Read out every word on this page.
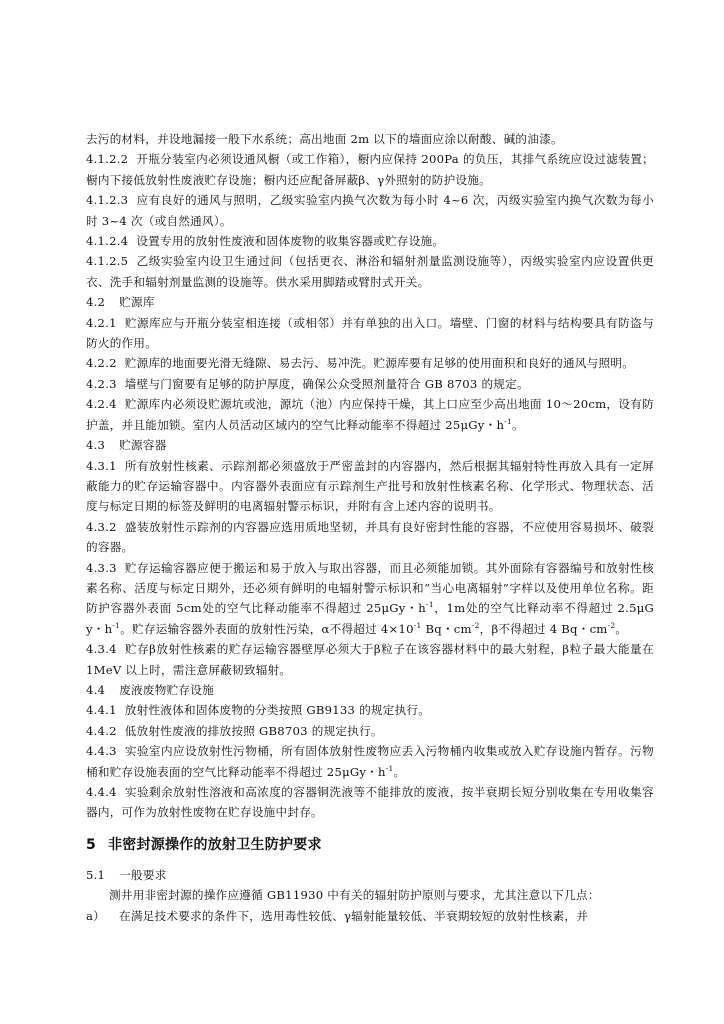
去污的材料，并设地漏接一般下水系统；高出地面 2m 以下的墙面应涂以耐酸、碱的油漆。

4.1.2.2 开瓶分装室内必须设通风橱（或工作箱），橱内应保持 200Pa 的负压，其排气系统应设过滤装置；橱内下接低放射性废液贮存设施；橱内还应配备屏蔽β、γ外照射的防护设施。

4.1.2.3 应有良好的通风与照明，乙级实验室内换气次数为每小时 4~6 次，丙级实验室内换气次数为每小时 3~4 次（或自然通风）。

4.1.2.4 设置专用的放射性废液和固体废物的收集容器或贮存设施。

4.1.2.5 乙级实验室内设卫生通过间（包括更衣、淋浴和辐射剂量监测设施等），丙级实验室内应设置供更衣、洗手和辐射剂量监测的设施等。供水采用脚踏或臂肘式开关。

4.2 贮源库

4.2.1 贮源库应与开瓶分装室相连接（或相邻）并有单独的出入口。墙壁、门窗的材料与结构要具有防盗与防火的作用。

4.2.2 贮源库的地面要光滑无缝隙、易去污、易冲洗。贮源库要有足够的使用面积和良好的通风与照明。

4.2.3 墙壁与门窗要有足够的防护厚度，确保公众受照剂量符合 GB 8703 的规定。

4.2.4 贮源库内必须设贮源坑或池，源坑（池）内应保持干燥，其上口应至少高出地面 10～20cm，设有防护盖，并且能加锁。室内人员活动区域内的空气比释动能率不得超过 25μGy・$h^{-1}$。

4.3 贮源容器

4.3.1 所有放射性核素、示踪剂都必须盛放于严密盖封的内容器内，然后根据其辐射特性再放入具有一定屏蔽能力的贮存运输容器中。内容器外表面应有示踪剂生产批号和放射性核素名称、化学形式、物理状态、活度与标定日期的标签及鲜明的电离辐射警示标识，并附有含上述内容的说明书。

4.3.2 盛装放射性示踪剂的内容器应选用质地坚韧，并具有良好密封性能的容器，不应使用容易损坏、破裂的容器。

4.3.3 贮存运输容器应便于搬运和易于放入与取出容器，而且必须能加锁。其外面除有容器编号和放射性核素名称、活度与标定日期外，还必须有鲜明的电辐射警示标识和“当心电离辐射”字样以及使用单位名称。距防护容器外表面 5cm处的空气比释动能率不得超过 25μGy・$h^{-1}$，1m处的空气比释动率不得超过 2.5μGy・$h^{-1}$。贮存运输容器外表面的放射性污染，α不得超过 $4\times 10^{-1}$ Bq・$cm^{-2}$，β不得超过 4 Bq・$cm^{-2}$。

4.3.4 贮存β放射性核素的贮存运输容器壁厚必须大于β粒子在该容器材料中的最大射程，β粒子最大能量在 1MeV 以上时，需注意屏蔽韧致辐射。

4.4 废液废物贮存设施

4.4.1 放射性液体和固体废物的分类按照 GB9133 的规定执行。

4.4.2 低放射性废液的排放按照 GB8703 的规定执行。

4.4.3 实验室内应设放射性污物桶，所有固体放射性废物应丢入污物桶内收集或放入贮存设施内暂存。污物桶和贮存设施表面的空气比释动能率不得超过 25μGy・$h^{-1}$。

4.4.4 实验剩余放射性溶液和高浓度的容器铜洗液等不能排放的废液，按半衰期长短分别收集在专用收集容器内，可作为放射性废物在贮存设施中封存。

5 非密封源操作的放射卫生防护要求

5.1 一般要求

测井用非密封源的操作应遵循 GB11930 中有关的辐射防护原则与要求，尤其注意以下几点：

a） 在满足技术要求的条件下，选用毒性较低、γ辐射能量较低、半衰期较短的放射性核素，并
